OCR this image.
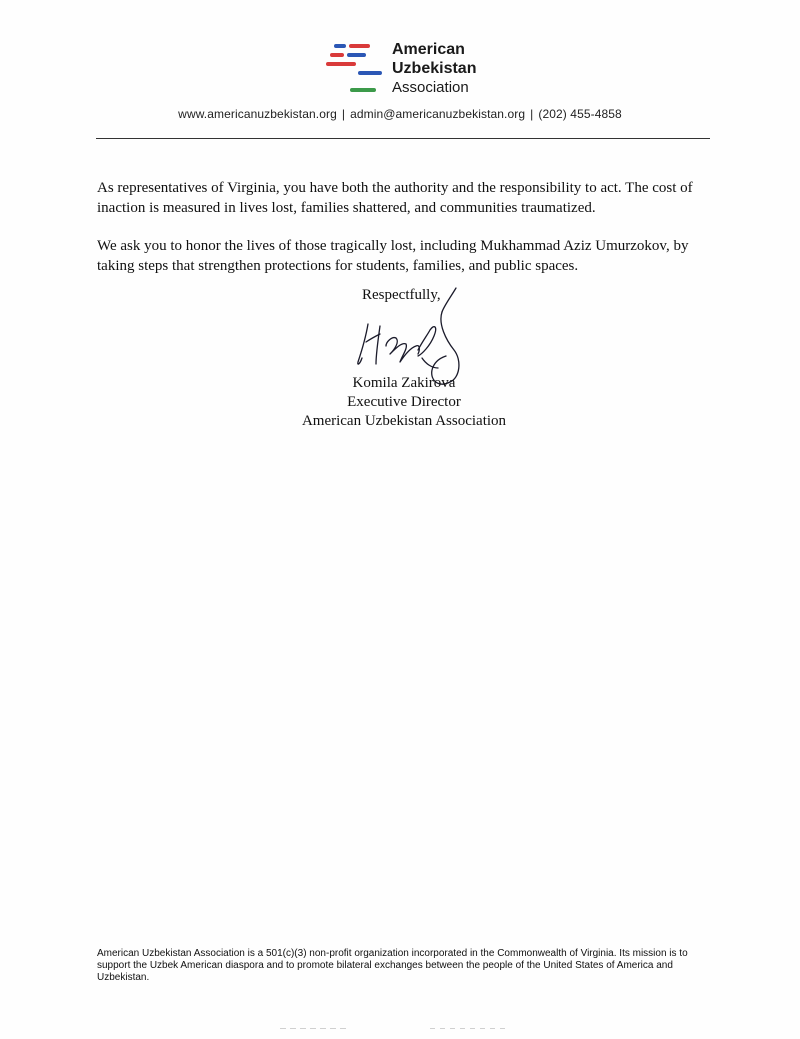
American
Uzbekistan
Association
www.americanuzbekistan.org | admin@americanuzbekistan.org | (202) 455-4858
As representatives of Virginia, you have both the authority and the responsibility to act. The cost of inaction is measured in lives lost, families shattered, and communities traumatized.
We ask you to honor the lives of those tragically lost, including Mukhammad Aziz Umurzokov, by taking steps that strengthen protections for students, families, and public spaces.
Respectfully,
Komila Zakirova
Executive Director
American Uzbekistan Association
American Uzbekistan Association is a 501(c)(3) non-profit organization incorporated in the Commonwealth of Virginia. Its mission is to support the Uzbek American diaspora and to promote bilateral exchanges between the people of the United States of America and Uzbekistan.
